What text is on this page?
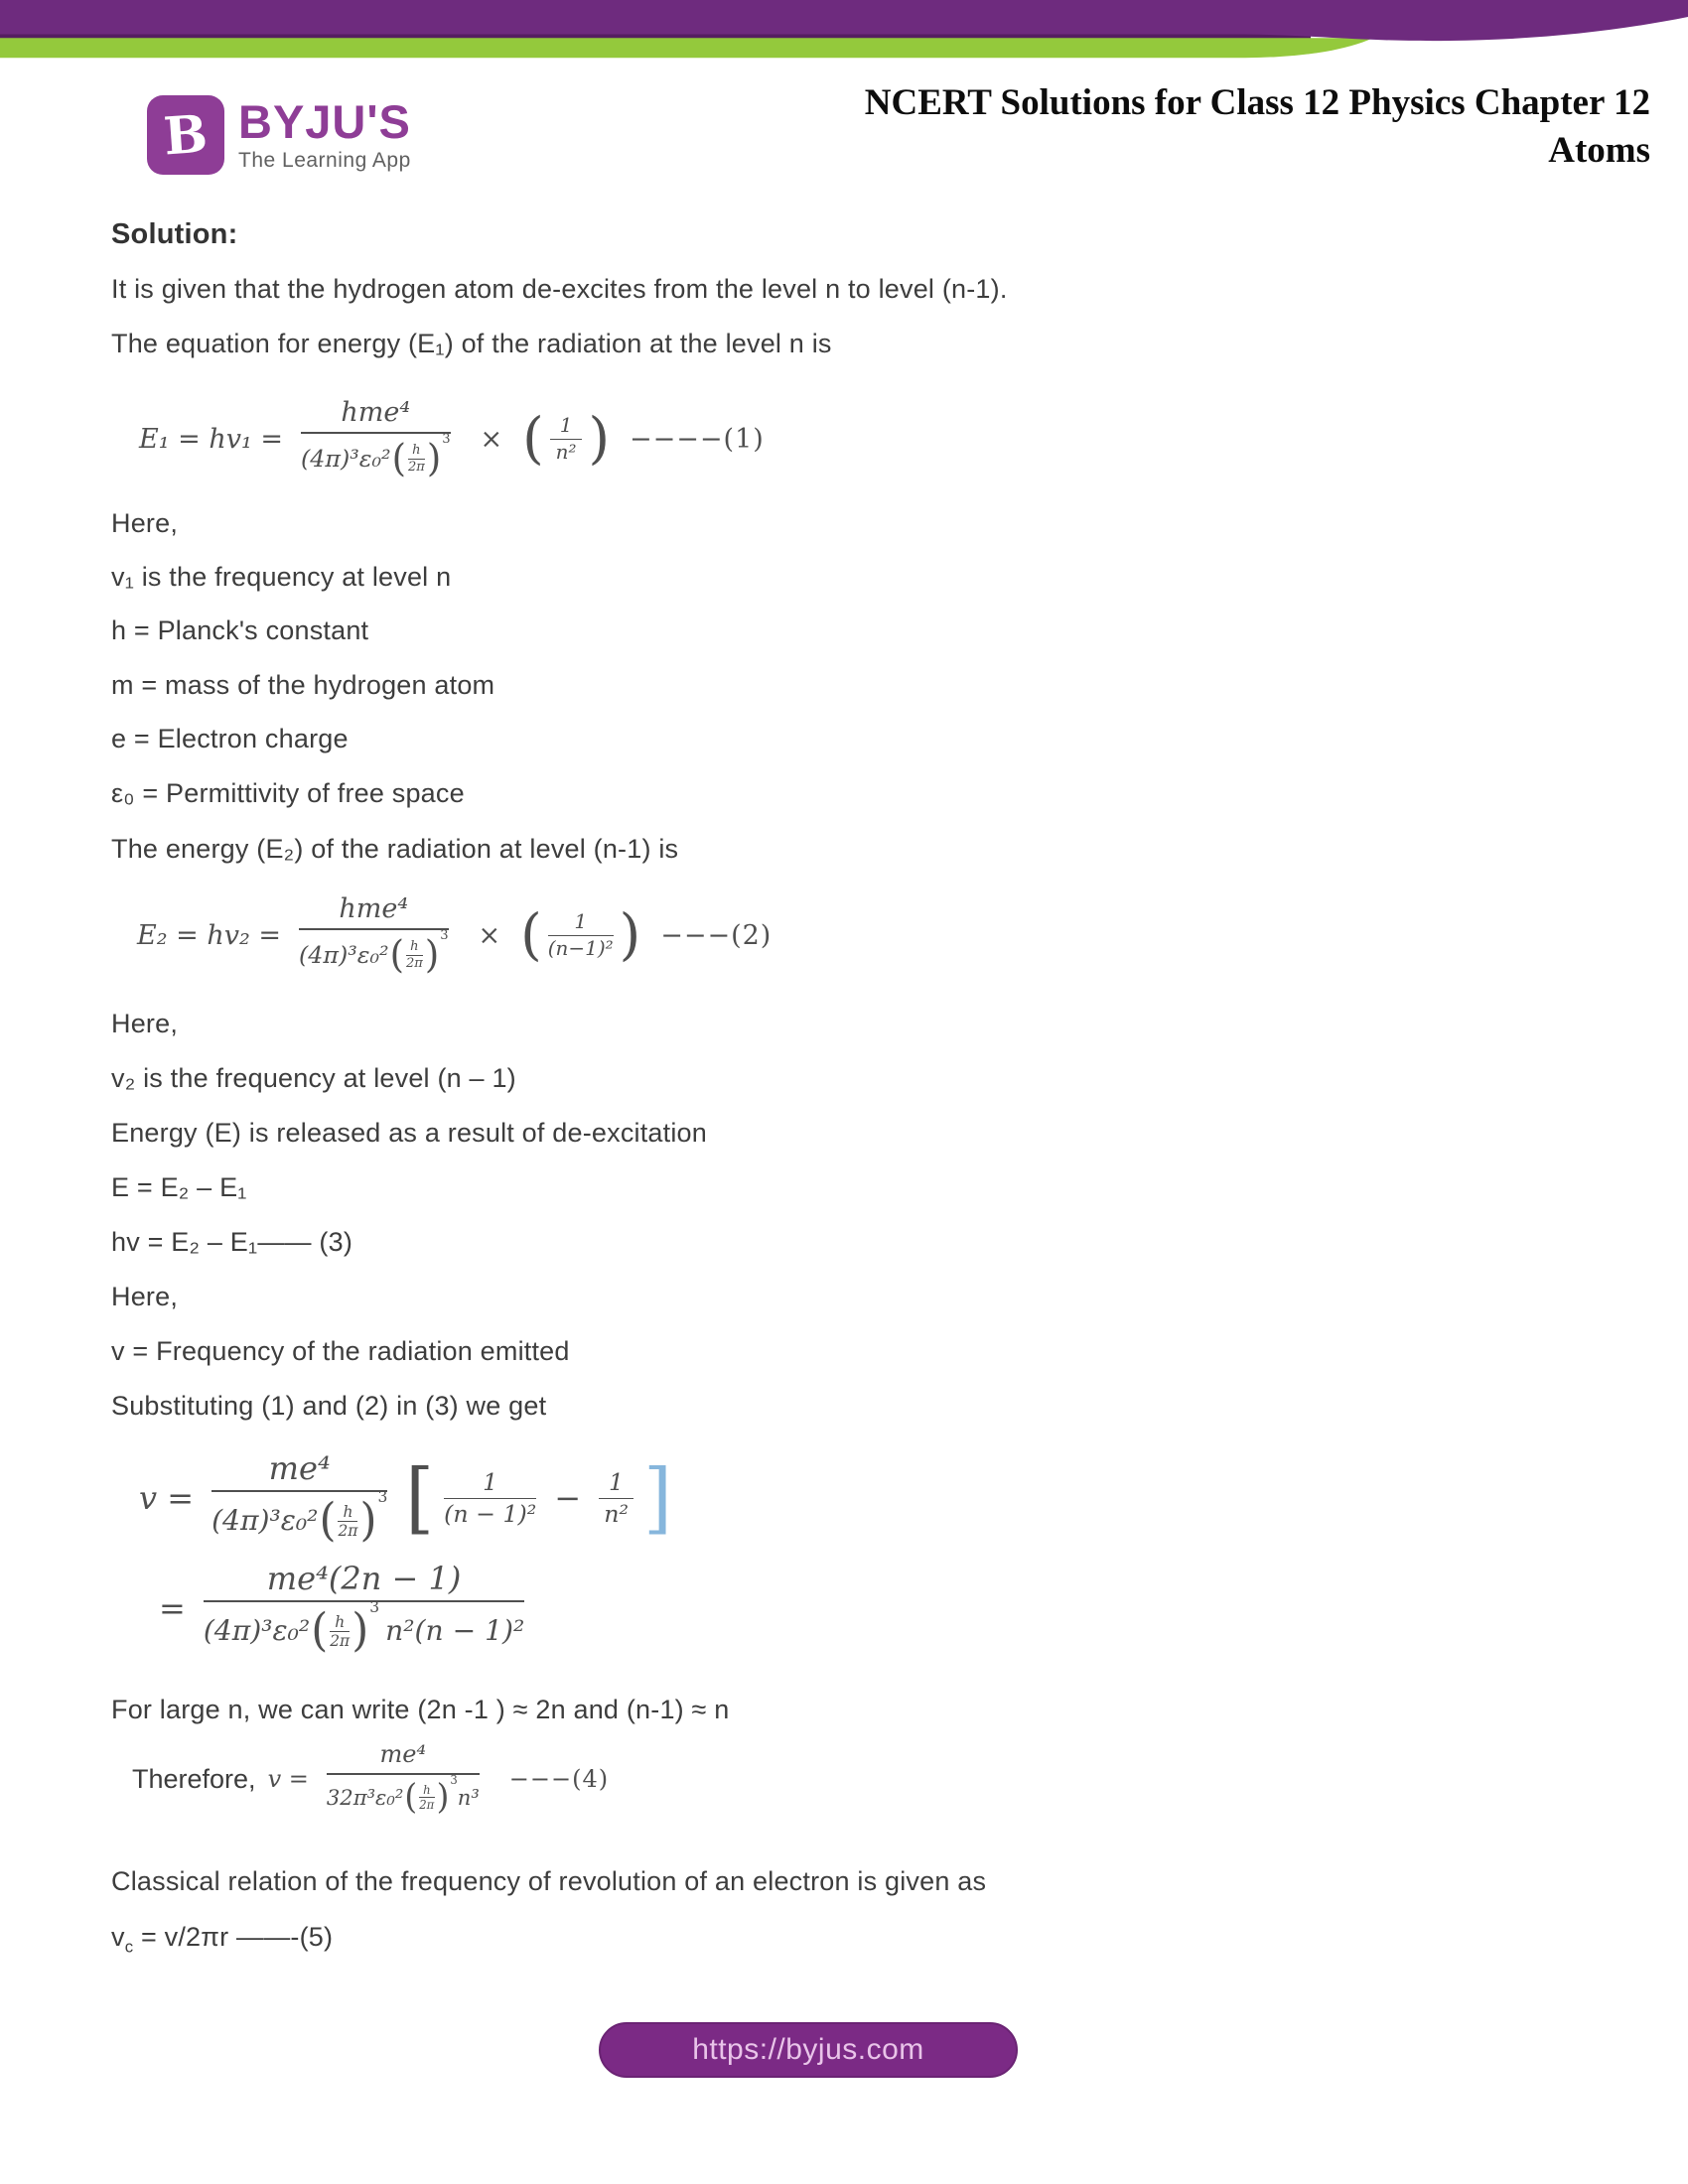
B BYJU'S
The Learning App
NCERT Solutions for Class 12 Physics Chapter 12
Atoms
Solution:
It is given that the hydrogen atom de-excites from the level n to level (n-1).
The equation for energy (E₁) of the radiation at the level n is
E₁ = hv₁ =
hme⁴
(4π)³ε₀² ( h
2π ) 3 × ( 1
n² ) −−−−(1)
Here,
v₁ is the frequency at level n
h = Planck's constant
m = mass of the hydrogen atom
e = Electron charge
ε₀ = Permittivity of free space
The energy (E₂) of the radiation at level (n-1) is
E₂ = hv₂ =
hme⁴
(4π)³ε₀² ( h
2π ) 3 × (	1
(n−1)² ) −−−(2)
Here,
v₂ is the frequency at level (n – 1)
Energy (E) is released as a result of de-excitation
E = E₂ – E₁
hv = E₂ – E₁—— (3)
Here,
v = Frequency of the radiation emitted
Substituting (1) and (2) in (3) we get
v =
me⁴
(4π)³ε₀² ( h
2π ) 3 [	1
$(n - 1)^2 - \frac{1}{\text{n²}}$ ]
=
me⁴(2n − 1)
(4π)³ε₀² ( h
2π ) 3
n²(n − 1)²
For large n, we can write (2n -1 ) ≈ 2n and (n-1) ≈ n
Therefore, v =
me⁴
32π³ε₀² ( h
2π ) 3
n³
−−−(4)
Classical relation of the frequency of revolution of an electron is given as
$v_c = v/2\pi r$ ——-(5)
https://byjus.com
